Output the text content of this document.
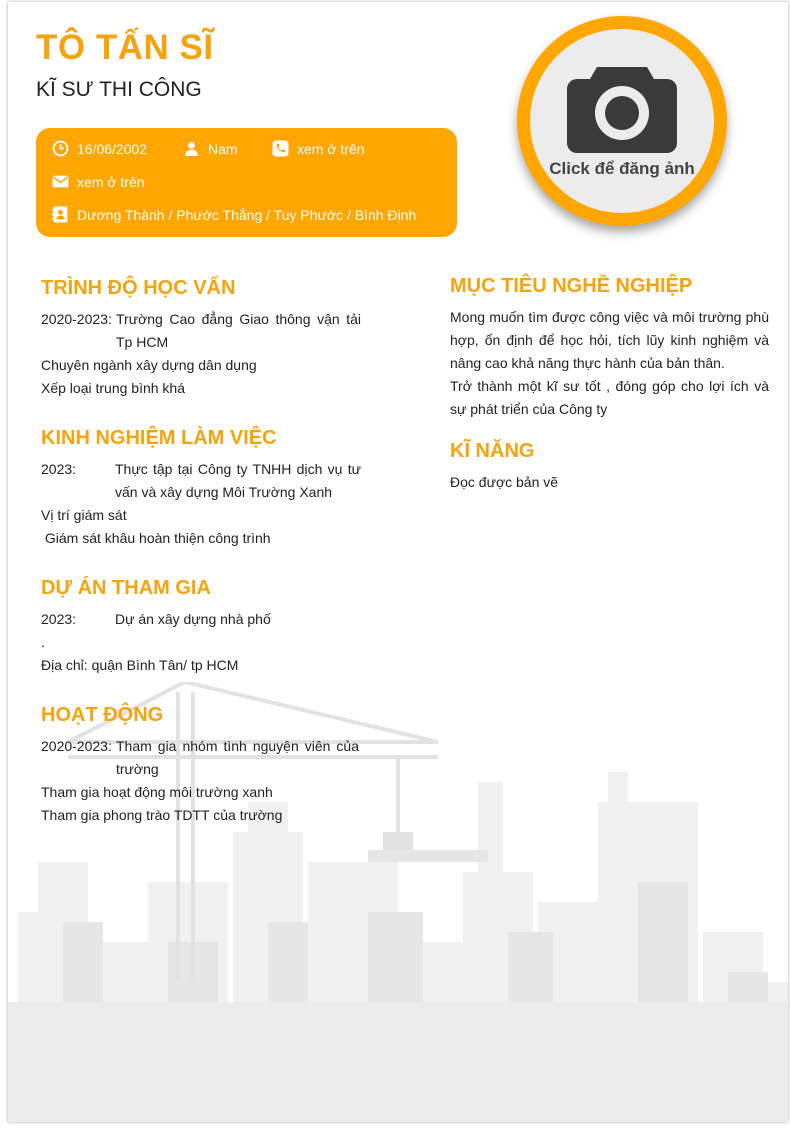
TÔ TẤN SĨ
KĨ SƯ THI CÔNG
16/06/2002	Nam	xem ở trên
xem ở trên
Dương Thành / Phước Thắng / Tuy Phước / Bình Định
Click để đăng ảnh
TRÌNH ĐỘ HỌC VẤN
2020-2023: Trường Cao đẳng Giao thông vận tải Tp HCM
Chuyên ngành xây dựng dân dụng
Xếp loại trung bình khá
KINH NGHIỆM LÀM VIỆC
2023:	Thực tập tại Công ty TNHH dịch vụ tư vấn và xây dựng Môi Trường Xanh
Vị trí giám sát
Giám sát khâu hoàn thiện công trình
DỰ ÁN THAM GIA
2023:	Dự án xây dựng nhà phố
.
Địa chỉ: quận Bình Tân/ tp HCM
HOẠT ĐỘNG
2020-2023: Tham gia nhóm tình nguyện viên của trường
Tham gia hoạt động môi trường xanh
Tham gia phong trào TDTT của trường
MỤC TIÊU NGHỀ NGHIỆP
Mong muốn tìm được công việc và môi trường phù hợp, ổn định để học hỏi, tích lũy kinh nghiệm và nâng cao khả năng thực hành của bản thân.
Trở thành một kĩ sư tốt , đóng góp cho lợi ích và sự phát triển của Công ty
KĨ NĂNG
Đọc được bản vẽ
